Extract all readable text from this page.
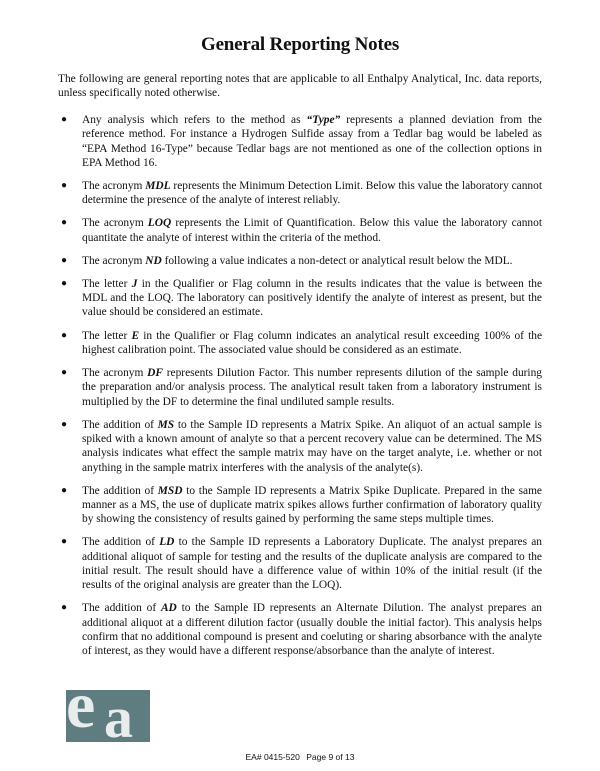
General Reporting Notes
The following are general reporting notes that are applicable to all Enthalpy Analytical, Inc. data reports, unless specifically noted otherwise.
● Any analysis which refers to the method as “Type” represents a planned deviation from the reference method. For instance a Hydrogen Sulfide assay from a Tedlar bag would be labeled as “EPA Method 16-Type” because Tedlar bags are not mentioned as one of the collection options in EPA Method 16.
● The acronym MDL represents the Minimum Detection Limit. Below this value the laboratory cannot determine the presence of the analyte of interest reliably.
● The acronym LOQ represents the Limit of Quantification. Below this value the laboratory cannot quantitate the analyte of interest within the criteria of the method.
● The acronym ND following a value indicates a non-detect or analytical result below the MDL.
● The letter J in the Qualifier or Flag column in the results indicates that the value is between the MDL and the LOQ. The laboratory can positively identify the analyte of interest as present, but the value should be considered an estimate.
● The letter E in the Qualifier or Flag column indicates an analytical result exceeding 100% of the highest calibration point. The associated value should be considered as an estimate.
● The acronym DF represents Dilution Factor. This number represents dilution of the sample during the preparation and/or analysis process. The analytical result taken from a laboratory instrument is multiplied by the DF to determine the final undiluted sample results.
● The addition of MS to the Sample ID represents a Matrix Spike. An aliquot of an actual sample is spiked with a known amount of analyte so that a percent recovery value can be determined. The MS analysis indicates what effect the sample matrix may have on the target analyte, i.e. whether or not anything in the sample matrix interferes with the analysis of the analyte(s).
● The addition of MSD to the Sample ID represents a Matrix Spike Duplicate. Prepared in the same manner as a MS, the use of duplicate matrix spikes allows further confirmation of laboratory quality by showing the consistency of results gained by performing the same steps multiple times.
● The addition of LD to the Sample ID represents a Laboratory Duplicate. The analyst prepares an additional aliquot of sample for testing and the results of the duplicate analysis are compared to the initial result. The result should have a difference value of within 10% of the initial result (if the results of the original analysis are greater than the LOQ).
● The addition of AD to the Sample ID represents an Alternate Dilution. The analyst prepares an additional aliquot at a different dilution factor (usually double the initial factor). This analysis helps confirm that no additional compound is present and coeluting or sharing absorbance with the analyte of interest, as they would have a different response/absorbance than the analyte of interest.
e a
EA# 0415-520 Page 9 of 13
